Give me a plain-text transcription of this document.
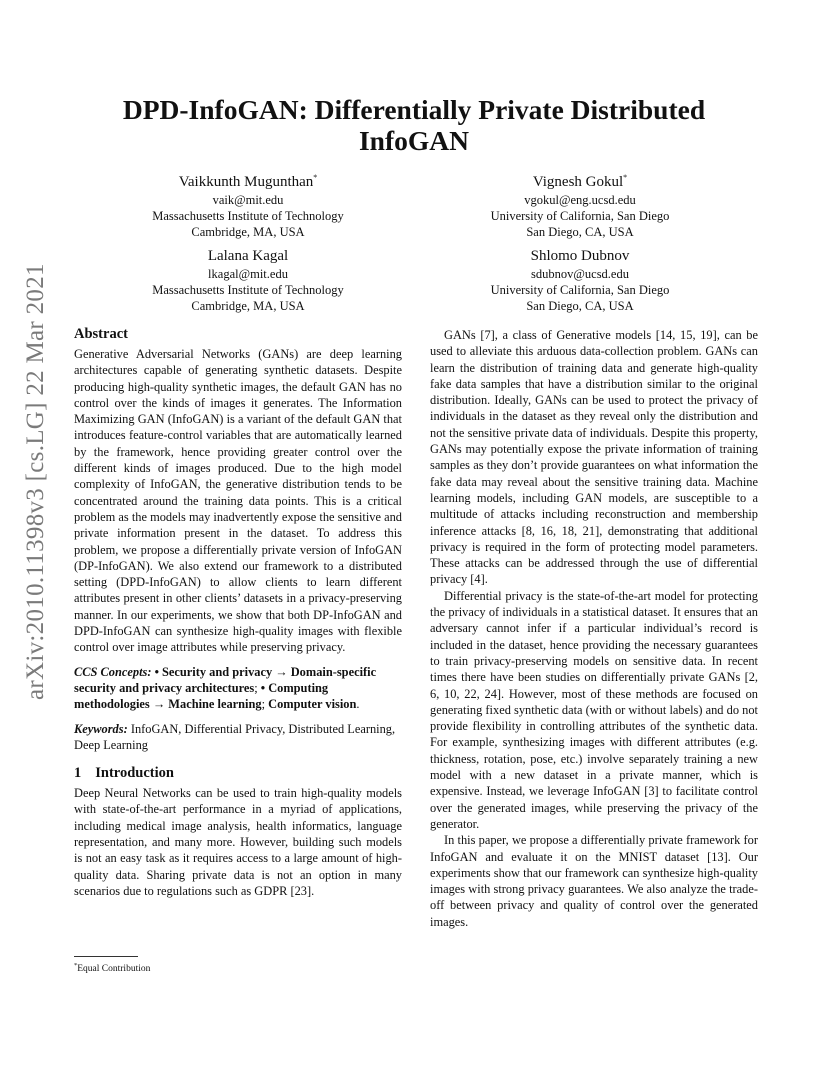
arXiv:2010.11398v3 [cs.LG] 22 Mar 2021
DPD-InfoGAN: Differentially Private Distributed
InfoGAN
Vaikkunth Mugunthan*
vaik@mit.edu
Massachusetts Institute of Technology
Cambridge, MA, USA
Vignesh Gokul*
vgokul@eng.ucsd.edu
University of California, San Diego
San Diego, CA, USA
Lalana Kagal
lkagal@mit.edu
Massachusetts Institute of Technology
Cambridge, MA, USA
Shlomo Dubnov
sdubnov@ucsd.edu
University of California, San Diego
San Diego, CA, USA
Abstract

Generative Adversarial Networks (GANs) are deep learning architectures capable of generating synthetic datasets. Despite producing high-quality synthetic images, the default GAN has no control over the kinds of images it generates. The Information Maximizing GAN (InfoGAN) is a variant of the default GAN that introduces feature-control variables that are automatically learned by the framework, hence providing greater control over the different kinds of images produced. Due to the high model complexity of InfoGAN, the generative distribution tends to be concentrated around the training data points. This is a critical problem as the models may inadvertently expose the sensitive and private information present in the dataset. To address this problem, we propose a differentially private version of InfoGAN (DP-InfoGAN). We also extend our framework to a distributed setting (DPD-InfoGAN) to allow clients to learn different attributes present in other clients’ datasets in a privacy-preserving manner. In our experiments, we show that both DP-InfoGAN and DPD-InfoGAN can synthesize high-quality images with flexible control over image attributes while preserving privacy.

CCS Concepts: • Security and privacy → Domain-specific security and privacy architectures; • Computing methodologies → Machine learning; Computer vision.
Keywords: InfoGAN, Differential Privacy, Distributed Learning, Deep Learning
1 Introduction

Deep Neural Networks can be used to train high-quality models with state-of-the-art performance in a myriad of applications, including medical image analysis, health informatics, language representation, and many more. However, building such models is not an easy task as it requires access to a large amount of high-quality data. Sharing private data is not an option in many scenarios due to regulations such as GDPR [23].

GANs [7], a class of Generative models [14, 15, 19], can be used to alleviate this arduous data-collection problem. GANs can learn the distribution of training data and generate high-quality fake data samples that have a distribution similar to the original distribution. Ideally, GANs can be used to protect the privacy of individuals in the dataset as they reveal only the distribution and not the sensitive private data of individuals. Despite this property, GANs may potentially expose the private information of training samples as they don’t provide guarantees on what information the fake data may reveal about the sensitive training data. Machine learning models, including GAN models, are susceptible to a multitude of attacks including reconstruction and membership inference attacks [8, 16, 18, 21], demonstrating that additional privacy is required in the form of protecting model parameters. These attacks can be addressed through the use of differential privacy [4].

Differential privacy is the state-of-the-art model for protecting the privacy of individuals in a statistical dataset. It ensures that an adversary cannot infer if a particular individual’s record is included in the dataset, hence providing the necessary guarantees to train privacy-preserving models on sensitive data. In recent times there have been studies on differentially private GANs [2, 6, 10, 22, 24]. However, most of these methods are focused on generating fixed synthetic data (with or without labels) and do not provide flexibility in controlling attributes of the synthetic data. For example, synthesizing images with different attributes (e.g. thickness, rotation, pose, etc.) involve separately training a new model with a new dataset in a private manner, which is expensive. Instead, we leverage InfoGAN [3] to facilitate control over the generated images, while preserving the privacy of the generator.

In this paper, we propose a differentially private framework for InfoGAN and evaluate it on the MNIST dataset [13]. Our experiments show that our framework can synthesize high-quality images with strong privacy guarantees. We also analyze the trade-off between privacy and quality of control over the generated images.

*Equal Contribution
